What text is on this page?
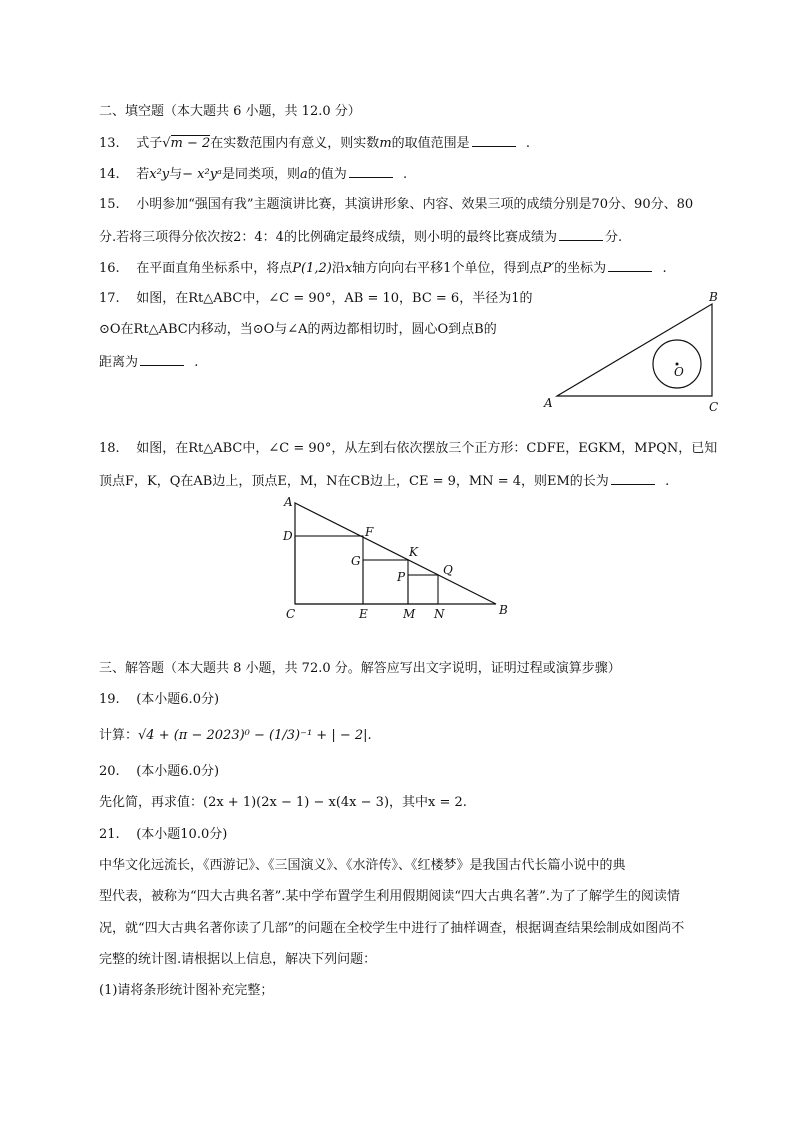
二、填空题（本大题共 6 小题，共 12.0 分）
13. 式子√m − 2在实数范围内有意义，则实数m的取值范围是	.
14. 若x²y与− x²yᵃ是同类项，则a的值为	.
15. 小明参加“强国有我”主题演讲比赛，其演讲形象、内容、效果三项的成绩分别是70分、90分、80
分.若将三项得分依次按2：4：4的比例确定最终成绩，则小明的最终比赛成绩为	分.
16. 在平面直角坐标系中，将点P(1,2)沿x轴方向向右平移1个单位，得到点P′的坐标为	.
17. 如图，在Rt△ABC中，∠C = 90°，AB = 10，BC = 6，半径为1的
⊙O在Rt△ABC内移动，当⊙O与∠A的两边都相切时，圆心O到点B的
距离为	.
A
B
C
O
18. 如图，在Rt△ABC中，∠C = 90°，从左到右依次摆放三个正方形：CDFE，EGKM，MPQN，已知
顶点F，K，Q在AB边上，顶点E，M，N在CB边上，CE = 9，MN = 4，则EM的长为	.
A
D
C
F
G
K
P	Q
E	M N	B
三、解答题（本大题共 8 小题，共 72.0 分。解答应写出文字说明，证明过程或演算步骤）
19. (本小题6.0分)
计算：√4 + (π − 2023)⁰ − (1/3)⁻¹ + | − 2|.
20. (本小题6.0分)
先化简，再求值：(2x + 1)(2x − 1) − x(4x − 3)，其中x = 2.
21. (本小题10.0分)
中华文化远流长，《西游记》、《三国演义》、《水浒传》、《红楼梦》是我国古代长篇小说中的典
型代表，被称为“四大古典名著”.某中学布置学生利用假期阅读“四大古典名著”.为了了解学生的阅读情
况，就“四大古典名著你读了几部”的问题在全校学生中进行了抽样调查，根据调查结果绘制成如图尚不
完整的统计图.请根据以上信息，解决下列问题：
(1)请将条形统计图补充完整；
